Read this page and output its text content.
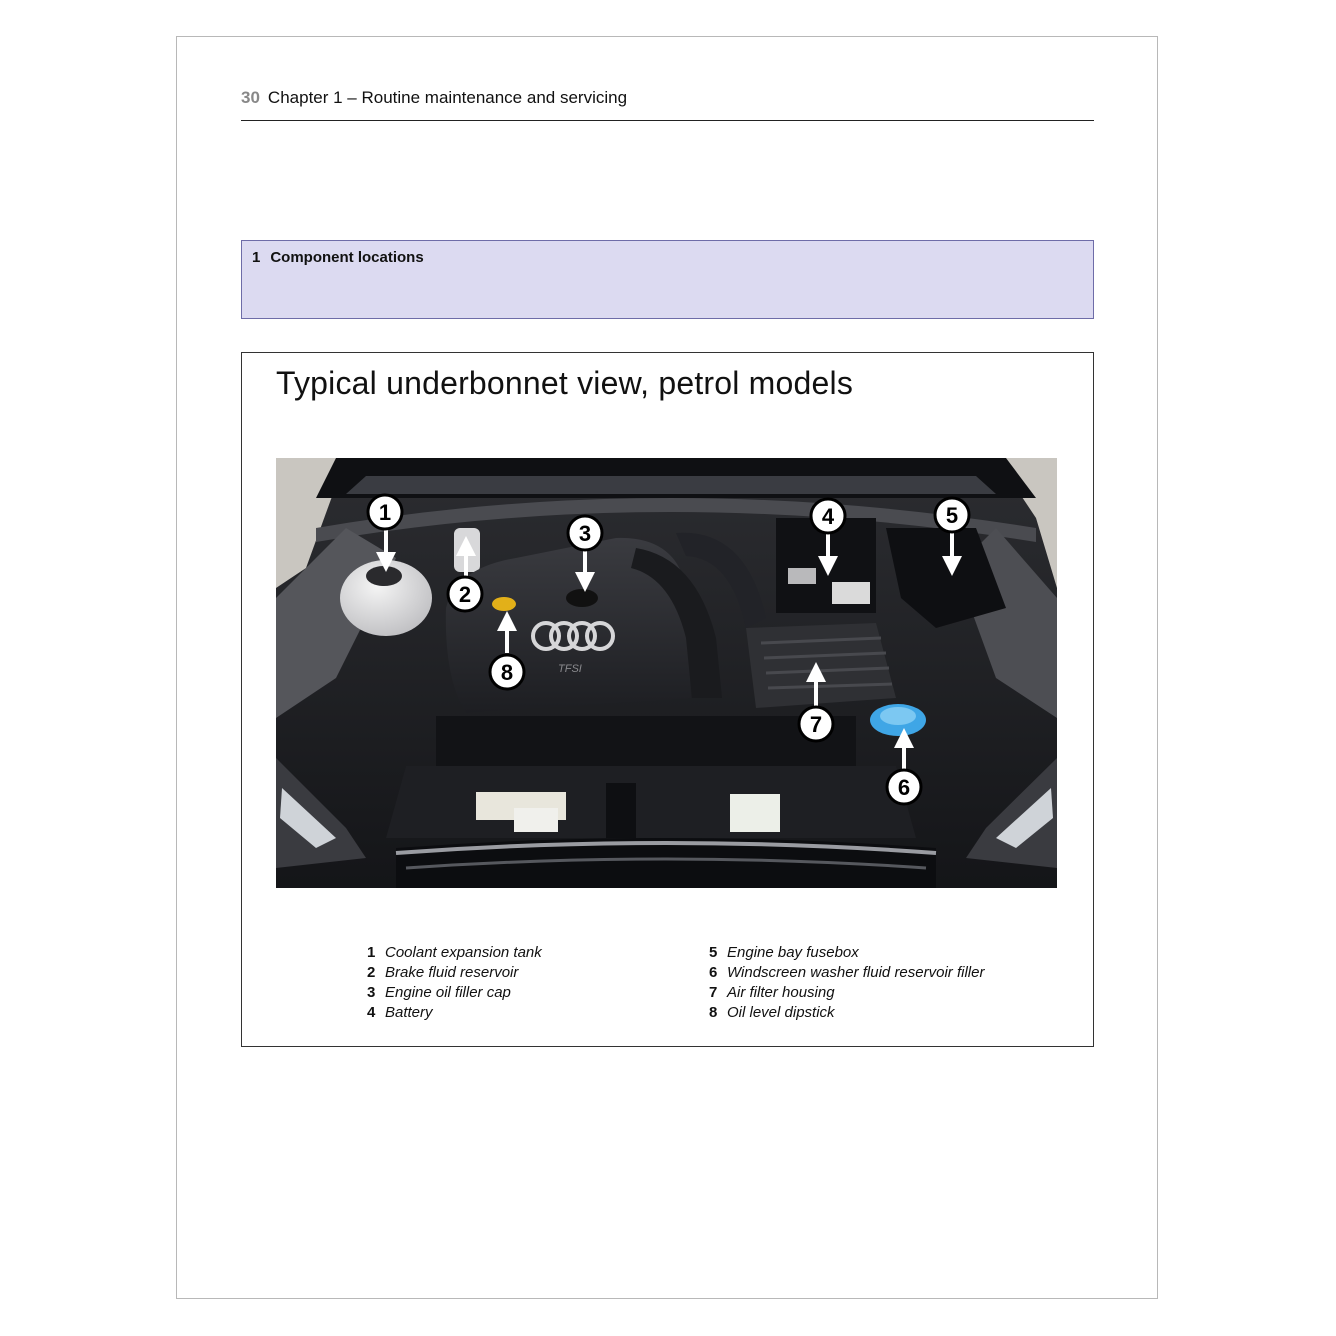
30 Chapter 1 – Routine maintenance and servicing
1 Component locations
Typical underbonnet view, petrol models
TFSI
1
2
3
4	5
6
7
8
1 Coolant expansion tank
2 Brake fluid reservoir
3 Engine oil filler cap
4 Battery
5 Engine bay fusebox
6 Windscreen washer fluid reservoir filler
7 Air filter housing
8 Oil level dipstick
